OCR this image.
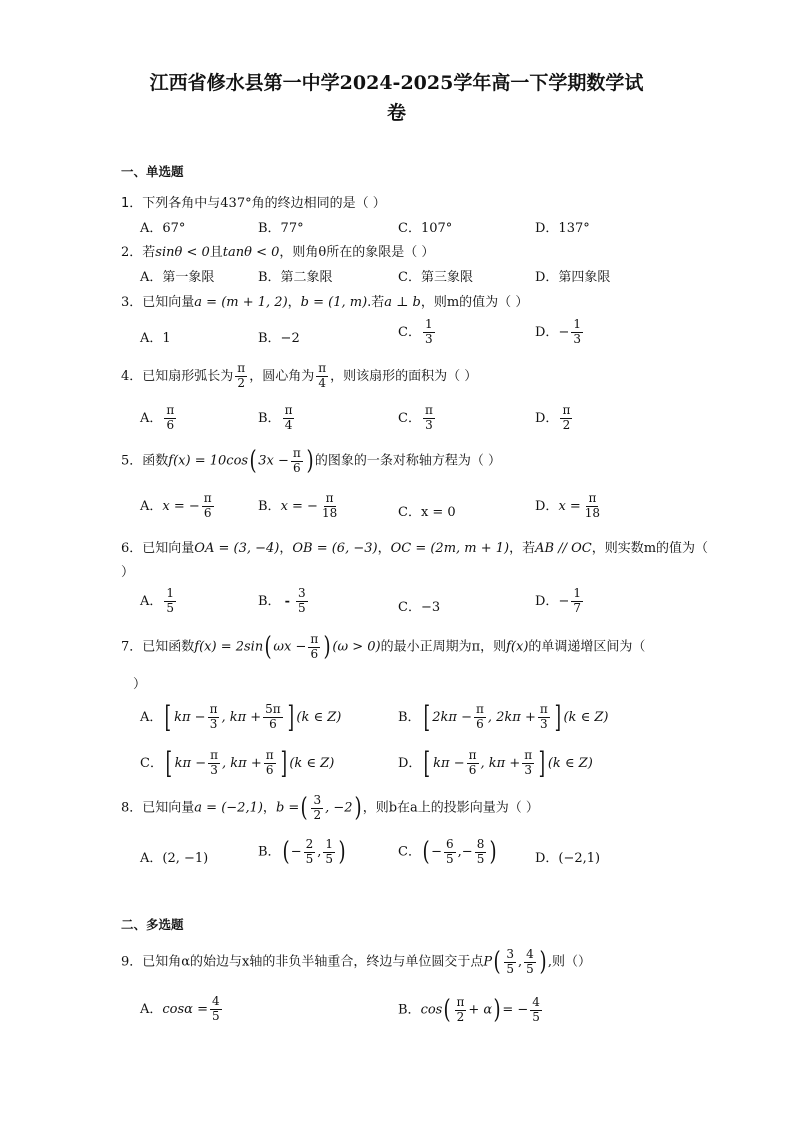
江西省修水县第一中学2024-2025学年高一下学期数学试
卷
一、单选题
1．下列各角中与437°角的终边相同的是（ ）
A．67°	B．77°	C．107°	D．137°
2．若sinθ < 0且tanθ < 0，则角θ所在的象限是（ ）
A．第一象限	B．第二象限	C．第三象限	D．第四象限
3．已知向量a = (m + 1, 2)，b = (1, m).若a ⊥ b，则m的值为（ ）
A．1	B．−2	C． $\frac{1}{3}$	D．− $\frac{1}{3}$
4．已知扇形弧长为 $\frac{\pi}{2}$ ，圆心角为 $\frac{\pi}{4}$ ，则该扇形的面积为（ ）
A． $\frac{\pi}{6}$	B． $\frac{\pi}{4}$	C． $\frac{\pi}{3}$	D． $\frac{\pi}{2}$
5．函数f(x) = 10cos( $3x - \frac{\pi}{6}$ ) 的图象的一条对称轴方程为（ ）
A．x = − $\frac{\pi}{6}$	B．x = − $\frac{\pi}{18}$	C．x = 0	D．$x = \frac{\pi}{18}$
6．已知向量OA = (3, −4)，OB = (6, −3)，OC = (2m, m + 1)，若AB // OC，则实数m的值为（
）
A． $\frac{1}{5}$	B． - $\frac{3}{5}$	C．−3	D．− $\frac{1}{7}$
7．已知函数f(x) = 2sin( $\omega x - \frac{\pi}{6}$ ) (ω > 0)的最小正周期为π，则f(x)的单调递增区间为（
）
A．[ $k\pi - \frac{\pi}{3}$ , $k\pi + \frac{5\pi}{6}$ ] (k ∈ Z)	B．[ $2k\pi - \frac{\pi}{6}$ , $2k\pi + \frac{\pi}{3}$ ] (k ∈ Z)
C．[ $k\pi - \frac{\pi}{3}$ , $k\pi + \frac{\pi}{6}$ ] (k ∈ Z)	D．[ $k\pi - \frac{\pi}{6}$ , $k\pi + \frac{\pi}{3}$ ] (k ∈ Z)
8．已知向量a = (−2,1)，b =( $\frac{3}{2}$ , −2) ，则b在a上的投影向量为（ ）
A．(2, −1)	B．( − $\frac{2}{5}$ , $\frac{1}{5}$ )	C．( − $\frac{6}{5}$ ,− $\frac{8}{5}$ )	D．(−2,1)
二、多选题
9．已知角α的始边与x轴的非负半轴重合，终边与单位圆交于点$P( \frac{3}{5}$ , $\frac{4}{5}$ ) ,则（）
A．$\cos\alpha = \frac{4}{5}$	B．$\cos( \frac{\pi}{2} + \alpha)$ = − $\frac{4}{5}$
